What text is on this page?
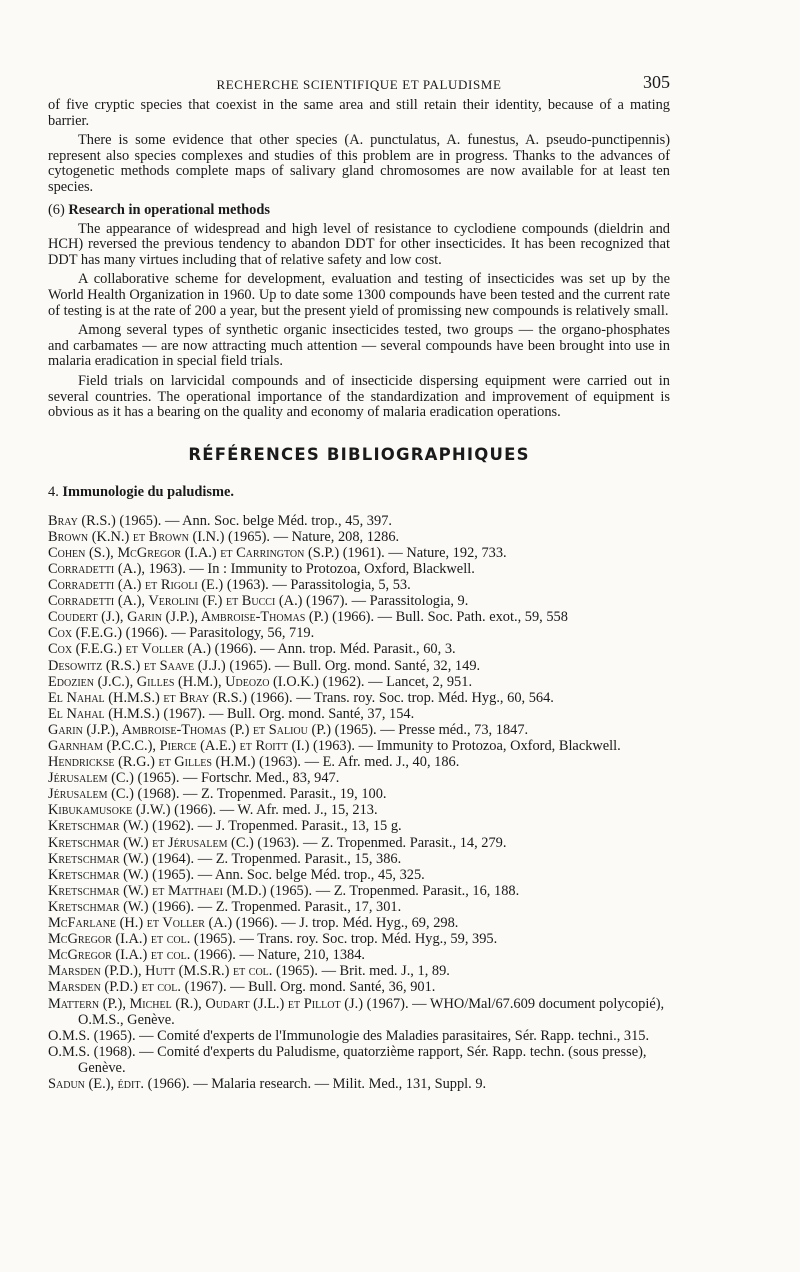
RECHERCHE SCIENTIFIQUE ET PALUDISME	305

of five cryptic species that coexist in the same area and still retain their identity, because of a mating barrier.

There is some evidence that other species (A. punctulatus, A. funestus, A. pseudo-punctipennis) represent also species complexes and studies of this problem are in progress. Thanks to the advances of cytogenetic methods complete maps of salivary gland chromosomes are now available for at least ten species.

(6) Research in operational methods

The appearance of widespread and high level of resistance to cyclodiene compounds (dieldrin and HCH) reversed the previous tendency to abandon DDT for other insecticides. It has been recognized that DDT has many virtues including that of relative safety and low cost.

A collaborative scheme for development, evaluation and testing of insecticides was set up by the World Health Organization in 1960. Up to date some 1300 compounds have been tested and the current rate of testing is at the rate of 200 a year, but the present yield of promissing new compounds is relatively small.

Among several types of synthetic organic insecticides tested, two groups — the organo-phosphates and carbamates — are now attracting much attention — several compounds have been brought into use in malaria eradication in special field trials.

Field trials on larvicidal compounds and of insecticide dispersing equipment were carried out in several countries. The operational importance of the standardization and improvement of equipment is obvious as it has a bearing on the quality and economy of malaria eradication operations.

RÉFÉRENCES BIBLIOGRAPHIQUES
4. Immunologie du paludisme.
Bray (R.S.) (1965). — Ann. Soc. belge Méd. trop., 45, 397.
Brown (K.N.) et Brown (I.N.) (1965). — Nature, 208, 1286.
Cohen (S.), McGregor (I.A.) et Carrington (S.P.) (1961). — Nature, 192, 733.
Corradetti (A.), 1963). — In : Immunity to Protozoa, Oxford, Blackwell.
Corradetti (A.) et Rigoli (E.) (1963). — Parassitologia, 5, 53.
Corradetti (A.), Verolini (F.) et Bucci (A.) (1967). — Parassitologia, 9.
Coudert (J.), Garin (J.P.), Ambroise-Thomas (P.) (1966). — Bull. Soc. Path. exot., 59, 558
Cox (F.E.G.) (1966). — Parasitology, 56, 719.
Cox (F.E.G.) et Voller (A.) (1966). — Ann. trop. Méd. Parasit., 60, 3.
Desowitz (R.S.) et Saave (J.J.) (1965). — Bull. Org. mond. Santé, 32, 149.
Edozien (J.C.), Gilles (H.M.), Udeozo (I.O.K.) (1962). — Lancet, 2, 951.
El Nahal (H.M.S.) et Bray (R.S.) (1966). — Trans. roy. Soc. trop. Méd. Hyg., 60, 564.
El Nahal (H.M.S.) (1967). — Bull. Org. mond. Santé, 37, 154.
Garin (J.P.), Ambroise-Thomas (P.) et Saliou (P.) (1965). — Presse méd., 73, 1847.
Garnham (P.C.C.), Pierce (A.E.) et Roitt (I.) (1963). — Immunity to Protozoa, Oxford, Blackwell.
Hendrickse (R.G.) et Gilles (H.M.) (1963). — E. Afr. med. J., 40, 186.
Jérusalem (C.) (1965). — Fortschr. Med., 83, 947.
Jérusalem (C.) (1968). — Z. Tropenmed. Parasit., 19, 100.
Kibukamusoke (J.W.) (1966). — W. Afr. med. J., 15, 213.
Kretschmar (W.) (1962). — J. Tropenmed. Parasit., 13, 15 g.
Kretschmar (W.) et Jérusalem (C.) (1963). — Z. Tropenmed. Parasit., 14, 279.
Kretschmar (W.) (1964). — Z. Tropenmed. Parasit., 15, 386.
Kretschmar (W.) (1965). — Ann. Soc. belge Méd. trop., 45, 325.
Kretschmar (W.) et Matthaei (M.D.) (1965). — Z. Tropenmed. Parasit., 16, 188.
Kretschmar (W.) (1966). — Z. Tropenmed. Parasit., 17, 301.
McFarlane (H.) et Voller (A.) (1966). — J. trop. Méd. Hyg., 69, 298.
McGregor (I.A.) et col. (1965). — Trans. roy. Soc. trop. Méd. Hyg., 59, 395.
McGregor (I.A.) et col. (1966). — Nature, 210, 1384.
Marsden (P.D.), Hutt (M.S.R.) et col. (1965). — Brit. med. J., 1, 89.
Marsden (P.D.) et col. (1967). — Bull. Org. mond. Santé, 36, 901.
Mattern (P.), Michel (R.), Oudart (J.L.) et Pillot (J.) (1967). — WHO/Mal/67.609 document polycopié), O.M.S., Genève.
O.M.S. (1965). — Comité d'experts de l'Immunologie des Maladies parasitaires, Sér. Rapp. techni., 315.
O.M.S. (1968). — Comité d'experts du Paludisme, quatorzième rapport, Sér. Rapp. techn. (sous presse), Genève.
Sadun (E.), édit. (1966). — Malaria research. — Milit. Med., 131, Suppl. 9.
